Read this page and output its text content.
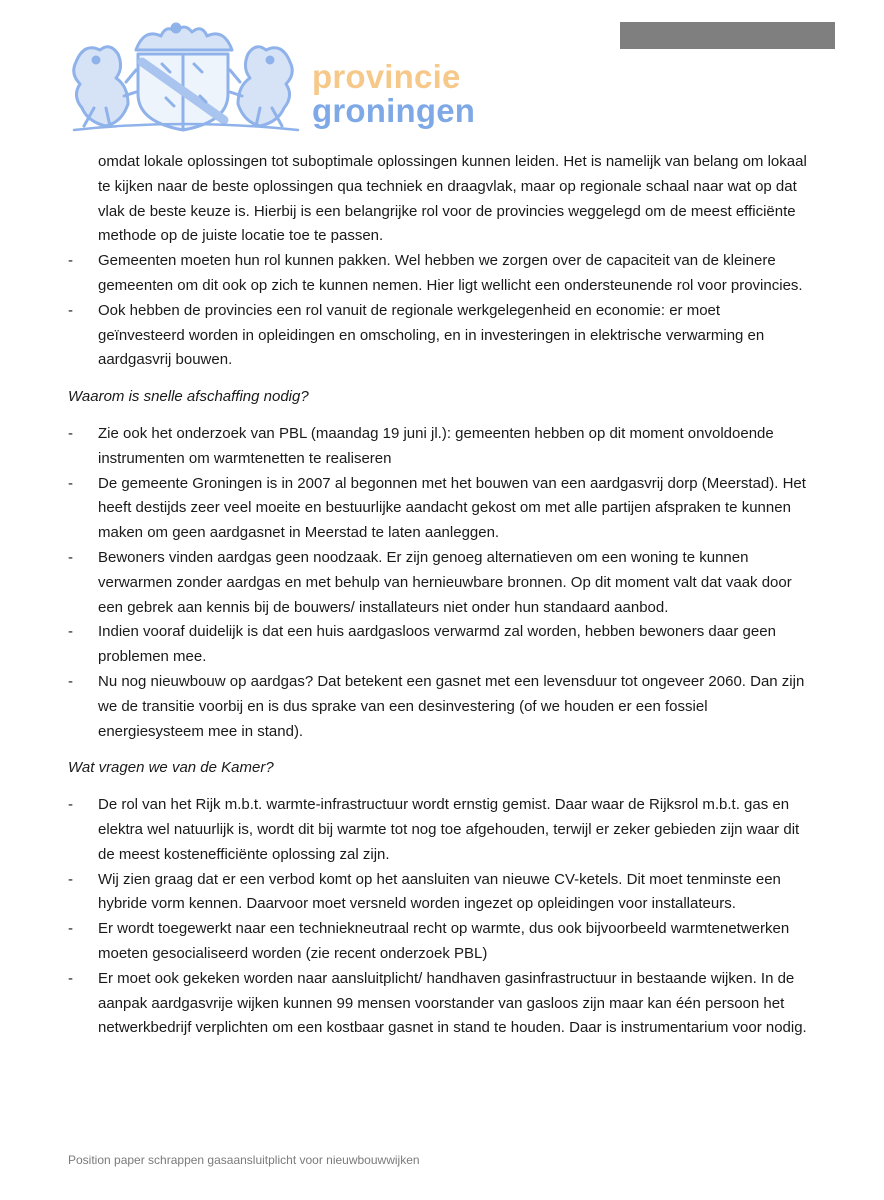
provincie
groningen

omdat lokale oplossingen tot suboptimale oplossingen kunnen leiden. Het is namelijk van belang om lokaal te kijken naar de beste oplossingen qua techniek en draagvlak, maar op regionale schaal naar wat op dat vlak de beste keuze is. Hierbij is een belangrijke rol voor de provincies weggelegd om de meest efficiënte methode op de juiste locatie toe te passen.

- Gemeenten moeten hun rol kunnen pakken. Wel hebben we zorgen over de capaciteit van de kleinere gemeenten om dit ook op zich te kunnen nemen. Hier ligt wellicht een ondersteunende rol voor provincies.
- Ook hebben de provincies een rol vanuit de regionale werkgelegenheid en economie: er moet geïnvesteerd worden in opleidingen en omscholing, en in investeringen in elektrische verwarming en aardgasvrij bouwen.

Waarom is snelle afschaffing nodig?

- Zie ook het onderzoek van PBL (maandag 19 juni jl.): gemeenten hebben op dit moment onvoldoende instrumenten om warmtenetten te realiseren
- De gemeente Groningen is in 2007 al begonnen met het bouwen van een aardgasvrij dorp (Meerstad). Het heeft destijds zeer veel moeite en bestuurlijke aandacht gekost om met alle partijen afspraken te kunnen maken om geen aardgasnet in Meerstad te laten aanleggen.
- Bewoners vinden aardgas geen noodzaak. Er zijn genoeg alternatieven om een woning te kunnen verwarmen zonder aardgas en met behulp van hernieuwbare bronnen. Op dit moment valt dat vaak door een gebrek aan kennis bij de bouwers/ installateurs niet onder hun standaard aanbod.
- Indien vooraf duidelijk is dat een huis aardgasloos verwarmd zal worden, hebben bewoners daar geen problemen mee.
- Nu nog nieuwbouw op aardgas? Dat betekent een gasnet met een levensduur tot ongeveer 2060. Dan zijn we de transitie voorbij en is dus sprake van een desinvestering (of we houden er een fossiel energiesysteem mee in stand).

Wat vragen we van de Kamer?

- De rol van het Rijk m.b.t. warmte-infrastructuur wordt ernstig gemist. Daar waar de Rijksrol m.b.t. gas en elektra wel natuurlijk is, wordt dit bij warmte tot nog toe afgehouden, terwijl er zeker gebieden zijn waar dit de meest kostenefficiënte oplossing zal zijn.
- Wij zien graag dat er een verbod komt op het aansluiten van nieuwe CV-ketels. Dit moet tenminste een hybride vorm kennen. Daarvoor moet versneld worden ingezet op opleidingen voor installateurs.
- Er wordt toegewerkt naar een techniekneutraal recht op warmte, dus ook bijvoorbeeld warmtenetwerken moeten gesocialiseerd worden (zie recent onderzoek PBL)
- Er moet ook gekeken worden naar aansluitplicht/ handhaven gasinfrastructuur in bestaande wijken. In de aanpak aardgasvrije wijken kunnen 99 mensen voorstander van gasloos zijn maar kan één persoon het netwerkbedrijf verplichten om een kostbaar gasnet in stand te houden. Daar is instrumentarium voor nodig.
Position paper schrappen gasaansluitplicht voor nieuwbouwwijken
